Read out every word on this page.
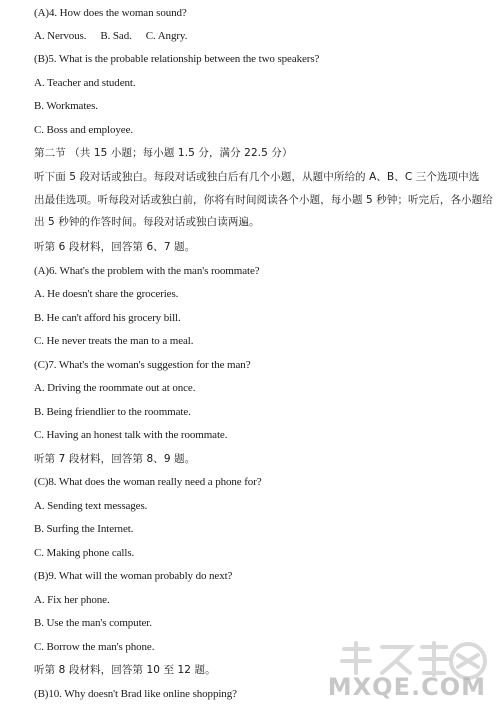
(A)4. How does the woman sound?
A. Nervous. B. Sad. C. Angry.
(B)5. What is the probable relationship between the two speakers?
A. Teacher and student.
B. Workmates.
C. Boss and employee.
第二节 （共 15 小题；每小题 1.5 分，满分 22.5 分）
听下面 5 段对话或独白。每段对话或独白后有几个小题，从题中所给的 A、B、C 三个选项中选
出最佳选项。听每段对话或独白前，你将有时间阅读各个小题，每小题 5 秒钟；听完后，各小题给
出 5 秒钟的作答时间。每段对话或独白读两遍。
听第 6 段材料，回答第 6、7 题。
(A)6. What's the problem with the man's roommate?
A. He doesn't share the groceries.
B. He can't afford his grocery bill.
C. He never treats the man to a meal.
(C)7. What's the woman's suggestion for the man?
A. Driving the roommate out at once.
B. Being friendlier to the roommate.
C. Having an honest talk with the roommate.
听第 7 段材料，回答第 8、9 题。
(C)8. What does the woman really need a phone for?
A. Sending text messages.
B. Surfing the Internet.
C. Making phone calls.
(B)9. What will the woman probably do next?
A. Fix her phone.
B. Use the man's computer.
C. Borrow the man's phone.
听第 8 段材料，回答第 10 至 12 题。
(B)10. Why doesn't Brad like online shopping?	MXQE.COM
